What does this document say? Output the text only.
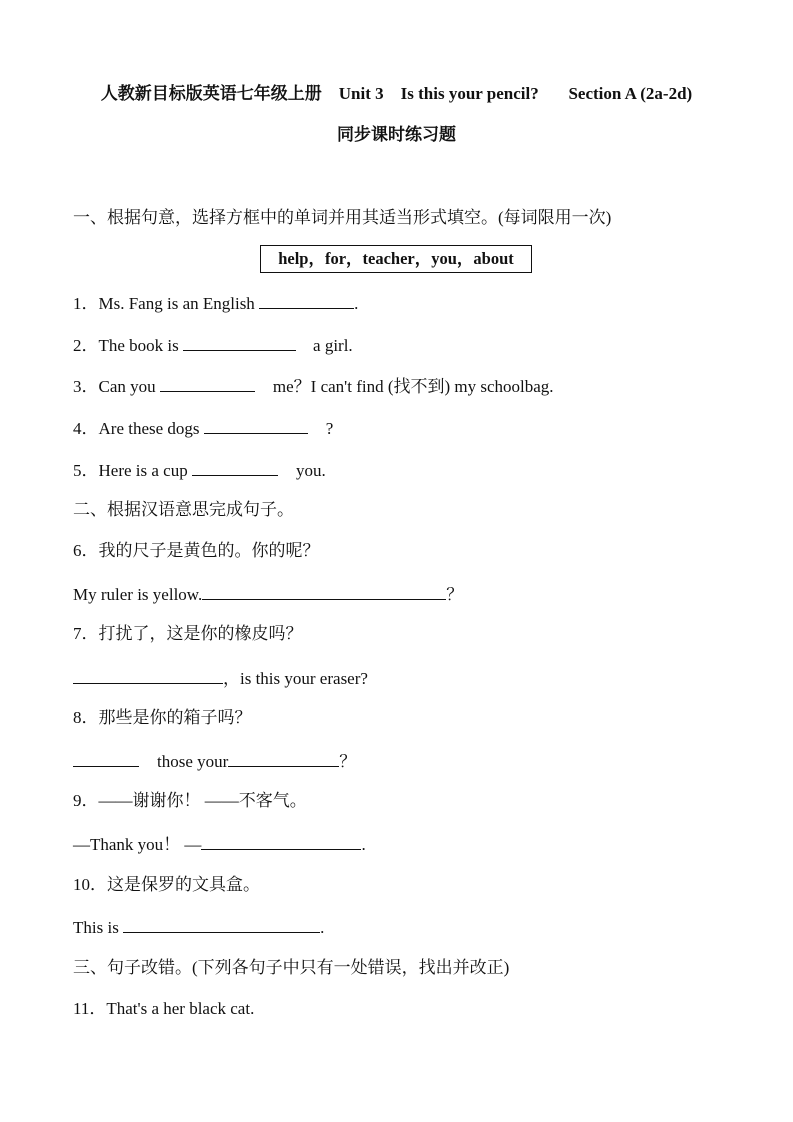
人教新目标版英语七年级上册    Unit 3    Is this your pencil?       Section A (2a-2d)
同步课时练习题
一、根据句意，选择方框中的单词并用其适当形式填空。(每词限用一次)
help，for，teacher，you，about
1．Ms. Fang is an English	.
2．The book is	a girl.
3．Can you	me？I can't find (找不到) my schoolbag.
4．Are these dogs	?
5．Here is a cup	you.
二、根据汉语意思完成句子。
6．我的尺子是黄色的。你的呢？
My ruler is yellow.	？
7．打扰了，这是你的橡皮吗？
，is this your eraser?
8．那些是你的箱子吗？
those your	？
9．——谢谢你！ ——不客气。
—Thank you！ —	.
10．这是保罗的文具盒。
This is	.
三、句子改错。(下列各句子中只有一处错误，找出并改正)
11．That's a her black cat.
